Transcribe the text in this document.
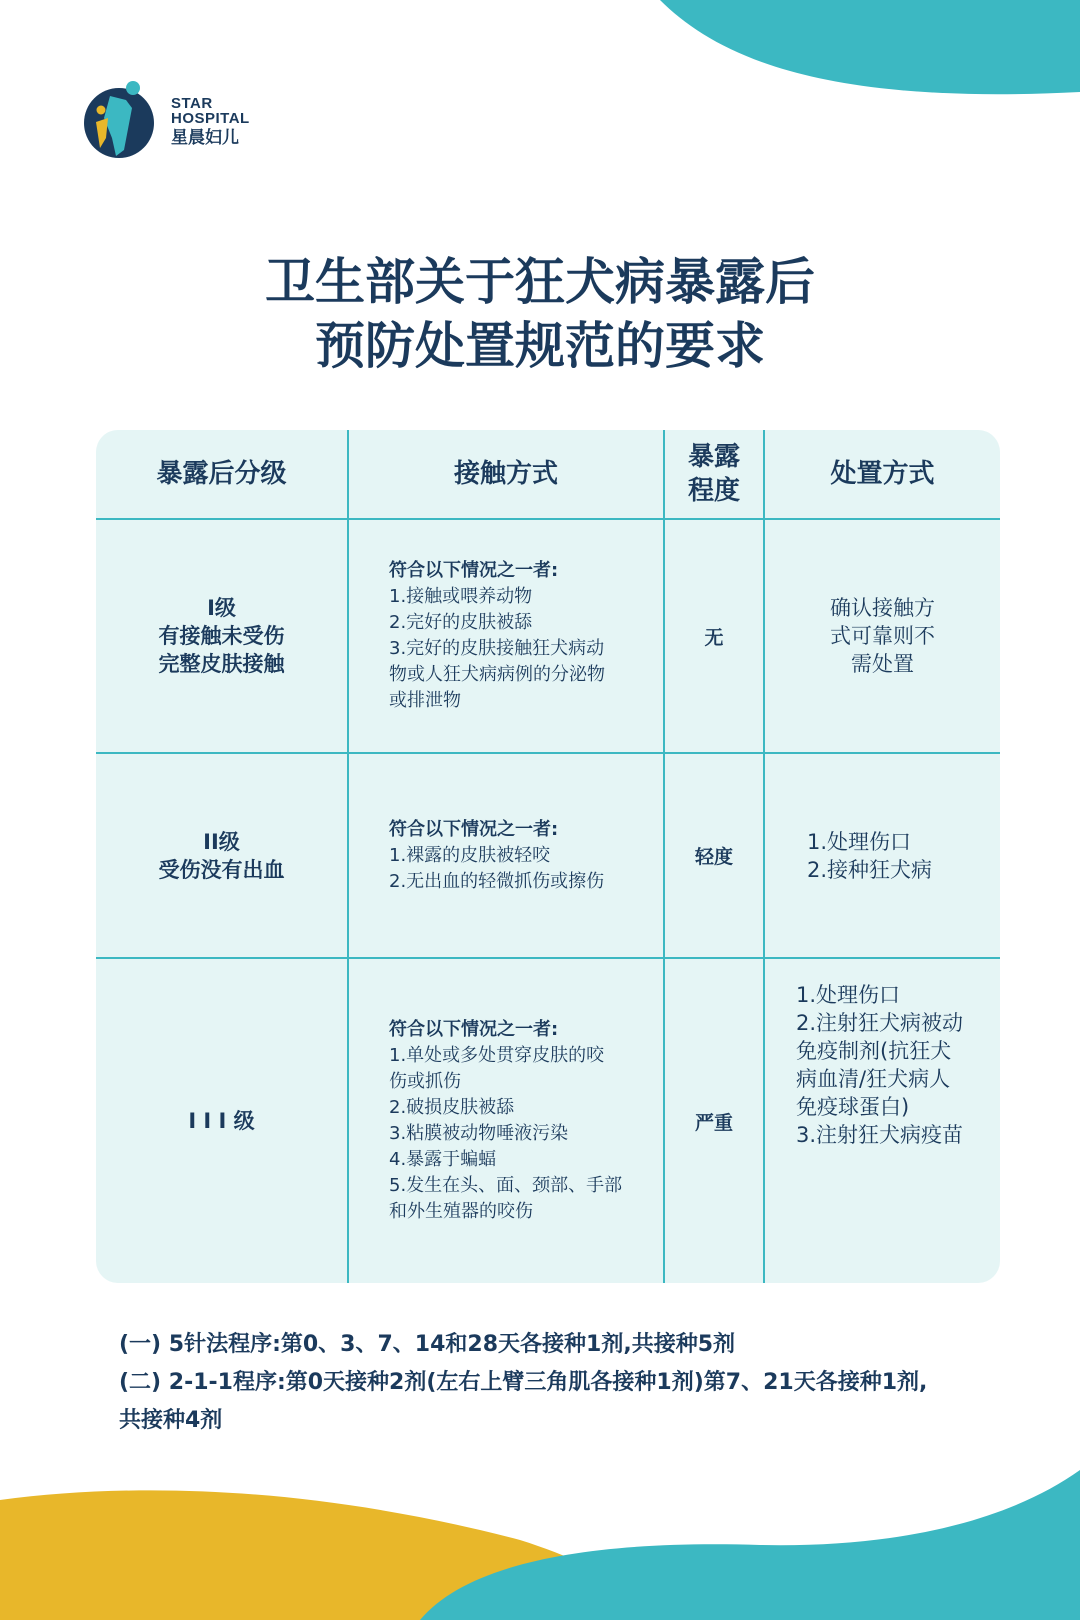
STAR
HOSPITAL
星晨妇儿
卫生部关于狂犬病暴露后
预防处置规范的要求
暴露后分级	接触方式
暴露
程度
处置方式
I级
有接触未受伤
完整皮肤接触
符合以下情况之一者:
1.接触或喂养动物
2.完好的皮肤被舔
3.完好的皮肤接触狂犬病动
物或人狂犬病病例的分泌物
或排泄物
无
确认接触方
式可靠则不
需处置
II级
受伤没有出血
符合以下情况之一者:
1.裸露的皮肤被轻咬
2.无出血的轻微抓伤或擦伤
轻度
1.处理伤口
2.接种狂犬病
I I I 级
符合以下情况之一者:
1.单处或多处贯穿皮肤的咬
伤或抓伤
2.破损皮肤被舔
3.粘膜被动物唾液污染
4.暴露于蝙蝠
5.发生在头、面、颈部、手部
和外生殖器的咬伤
严重
1.处理伤口
2.注射狂犬病被动
免疫制剂(抗狂犬
病血清/狂犬病人
免疫球蛋白)
3.注射狂犬病疫苗
(一) 5针法程序:第0、3、7、14和28天各接种1剂,共接种5剂
(二) 2-1-1程序:第0天接种2剂(左右上臂三角肌各接种1剂)第7、21天各接种1剂,
共接种4剂
